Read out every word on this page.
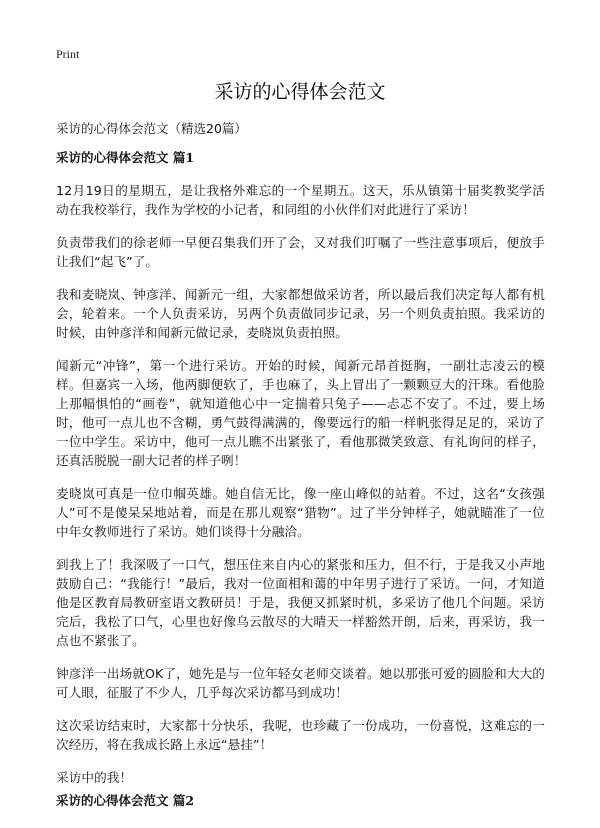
Print
采访的心得体会范文
采访的心得体会范文（精选20篇）
采访的心得体会范文 篇1

12月19日的星期五，是让我格外难忘的一个星期五。这天，乐从镇第十届奖教奖学活动在我校举行，我作为学校的小记者，和同组的小伙伴们对此进行了采访！

负责带我们的徐老师一早便召集我们开了会，又对我们叮嘱了一些注意事项后，便放手让我们“起飞”了。

我和麦晓岚、钟彦洋、闻新元一组，大家都想做采访者，所以最后我们决定每人都有机会，轮着来。一个人负责采访，另两个负责做同步记录，另一个则负责拍照。我采访的时候，由钟彦洋和闻新元做记录，麦晓岚负责拍照。

闻新元“冲锋”，第一个进行采访。开始的时候，闻新元昂首挺胸，一副壮志凌云的模样。但嘉宾一入场，他两脚便软了，手也麻了，头上冒出了一颗颗豆大的汗珠。看他脸上那幅惧怕的“画卷”，就知道他心中一定揣着只兔子——忐忑不安了。不过，要上场时，他可一点儿也不含糊，勇气鼓得满满的，像要远行的船一样帆张得足足的，采访了一位中学生。采访中，他可一点儿瞧不出紧张了，看他那微笑致意、有礼询问的样子，还真活脱脱一副大记者的样子咧！

麦晓岚可真是一位巾帼英雄。她自信无比，像一座山峰似的站着。不过，这名“女孩强人”可不是傻呆呆地站着，而是在那儿观察“猎物”。过了半分钟样子，她就瞄准了一位中年女教师进行了采访。她们谈得十分融洽。

到我上了！我深吸了一口气，想压住来自内心的紧张和压力，但不行，于是我又小声地鼓励自己：“我能行！”最后，我对一位面相和蔼的中年男子进行了采访。一问，才知道他是区教育局教研室语文教研员！于是，我便又抓紧时机，多采访了他几个问题。采访完后，我松了口气，心里也好像乌云散尽的大晴天一样豁然开朗，后来，再采访，我一点也不紧张了。

钟彦洋一出场就OK了，她先是与一位年轻女老师交谈着。她以那张可爱的圆脸和大大的可人眼，征服了不少人，几乎每次采访都马到成功！

这次采访结束时，大家都十分快乐，我呢，也珍藏了一份成功，一份喜悦，这难忘的一次经历，将在我成长路上永远“悬挂”！

采访中的我！

采访的心得体会范文 篇2
